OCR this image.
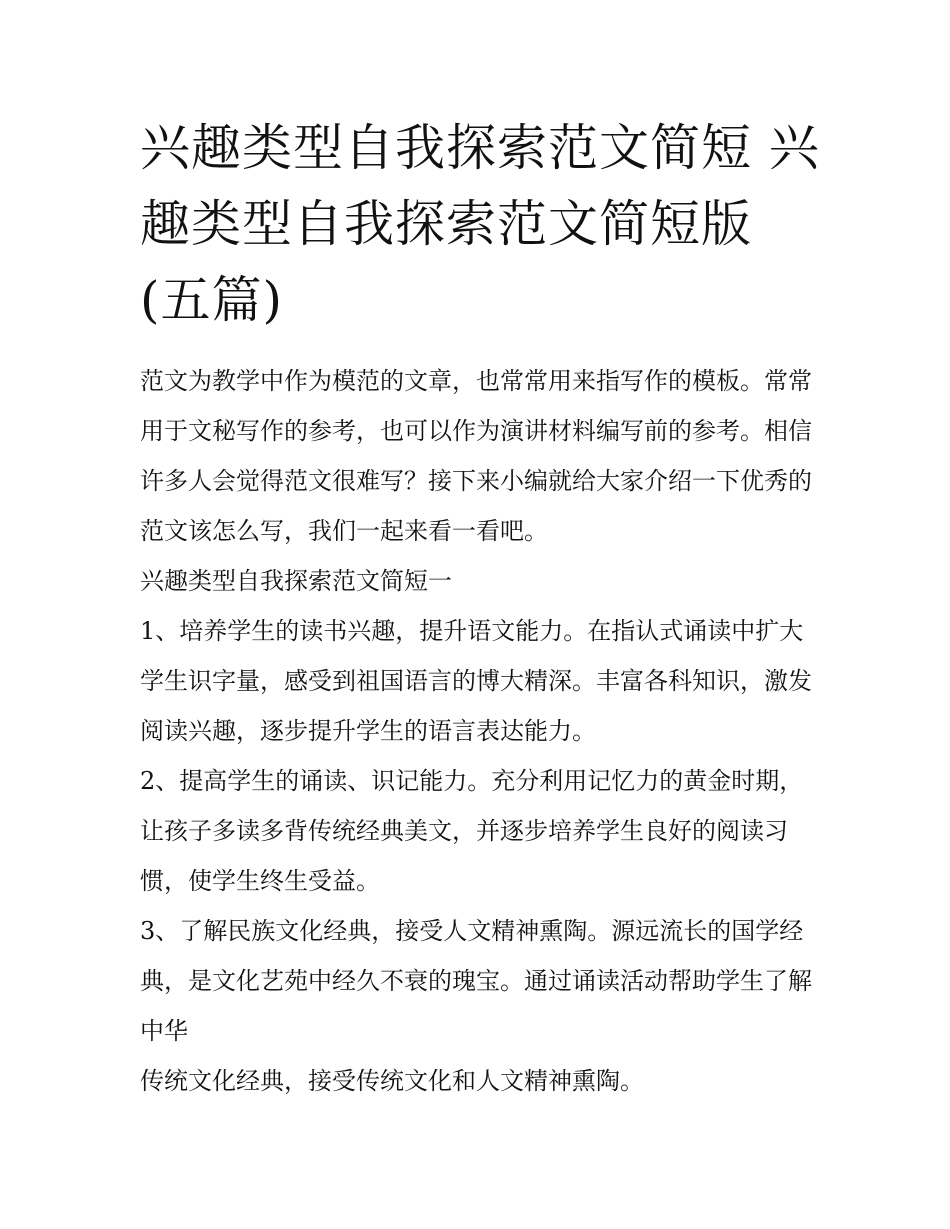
兴趣类型自我探索范文简短 兴趣类型自我探索范文简短版(五篇)

范文为教学中作为模范的文章，也常常用来指写作的模板。常常用于文秘写作的参考，也可以作为演讲材料编写前的参考。相信许多人会觉得范文很难写？接下来小编就给大家介绍一下优秀的范文该怎么写，我们一起来看一看吧。

兴趣类型自我探索范文简短一

1、培养学生的读书兴趣，提升语文能力。在指认式诵读中扩大学生识字量，感受到祖国语言的博大精深。丰富各科知识，激发阅读兴趣，逐步提升学生的语言表达能力。

2、提高学生的诵读、识记能力。充分利用记忆力的黄金时期，让孩子多读多背传统经典美文，并逐步培养学生良好的阅读习惯，使学生终生受益。

3、了解民族文化经典，接受人文精神熏陶。源远流长的国学经典，是文化艺苑中经久不衰的瑰宝。通过诵读活动帮助学生了解中华

传统文化经典，接受传统文化和人文精神熏陶。
